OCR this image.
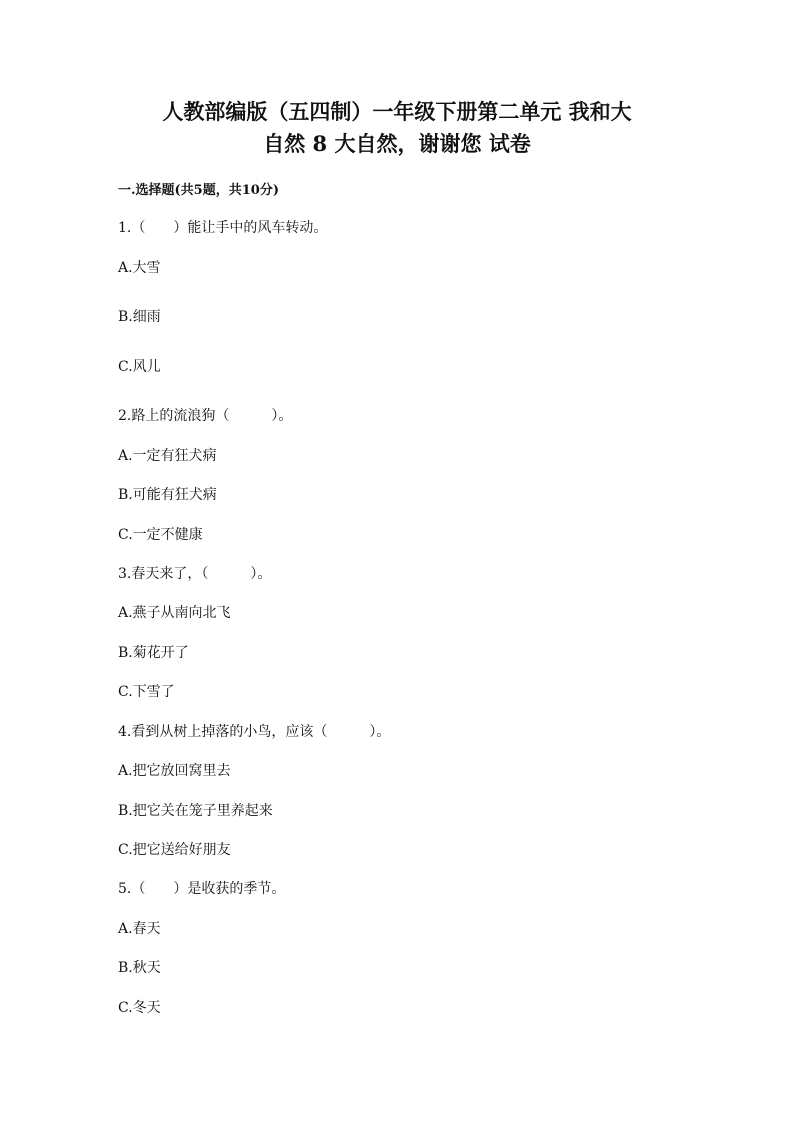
人教部编版（五四制）一年级下册第二单元 我和大
自然 8 大自然，谢谢您 试卷
一.选择题(共5题，共10分)
1.（　　）能让手中的风车转动。
A.大雪
B.细雨
C.风儿
2.路上的流浪狗（　　　）。
A.一定有狂犬病
B.可能有狂犬病
C.一定不健康
3.春天来了，（　　　）。
A.燕子从南向北飞
B.菊花开了
C.下雪了
4.看到从树上掉落的小鸟，应该（　　　）。
A.把它放回窝里去
B.把它关在笼子里养起来
C.把它送给好朋友
5.（　　）是收获的季节。
A.春天
B.秋天
C.冬天
